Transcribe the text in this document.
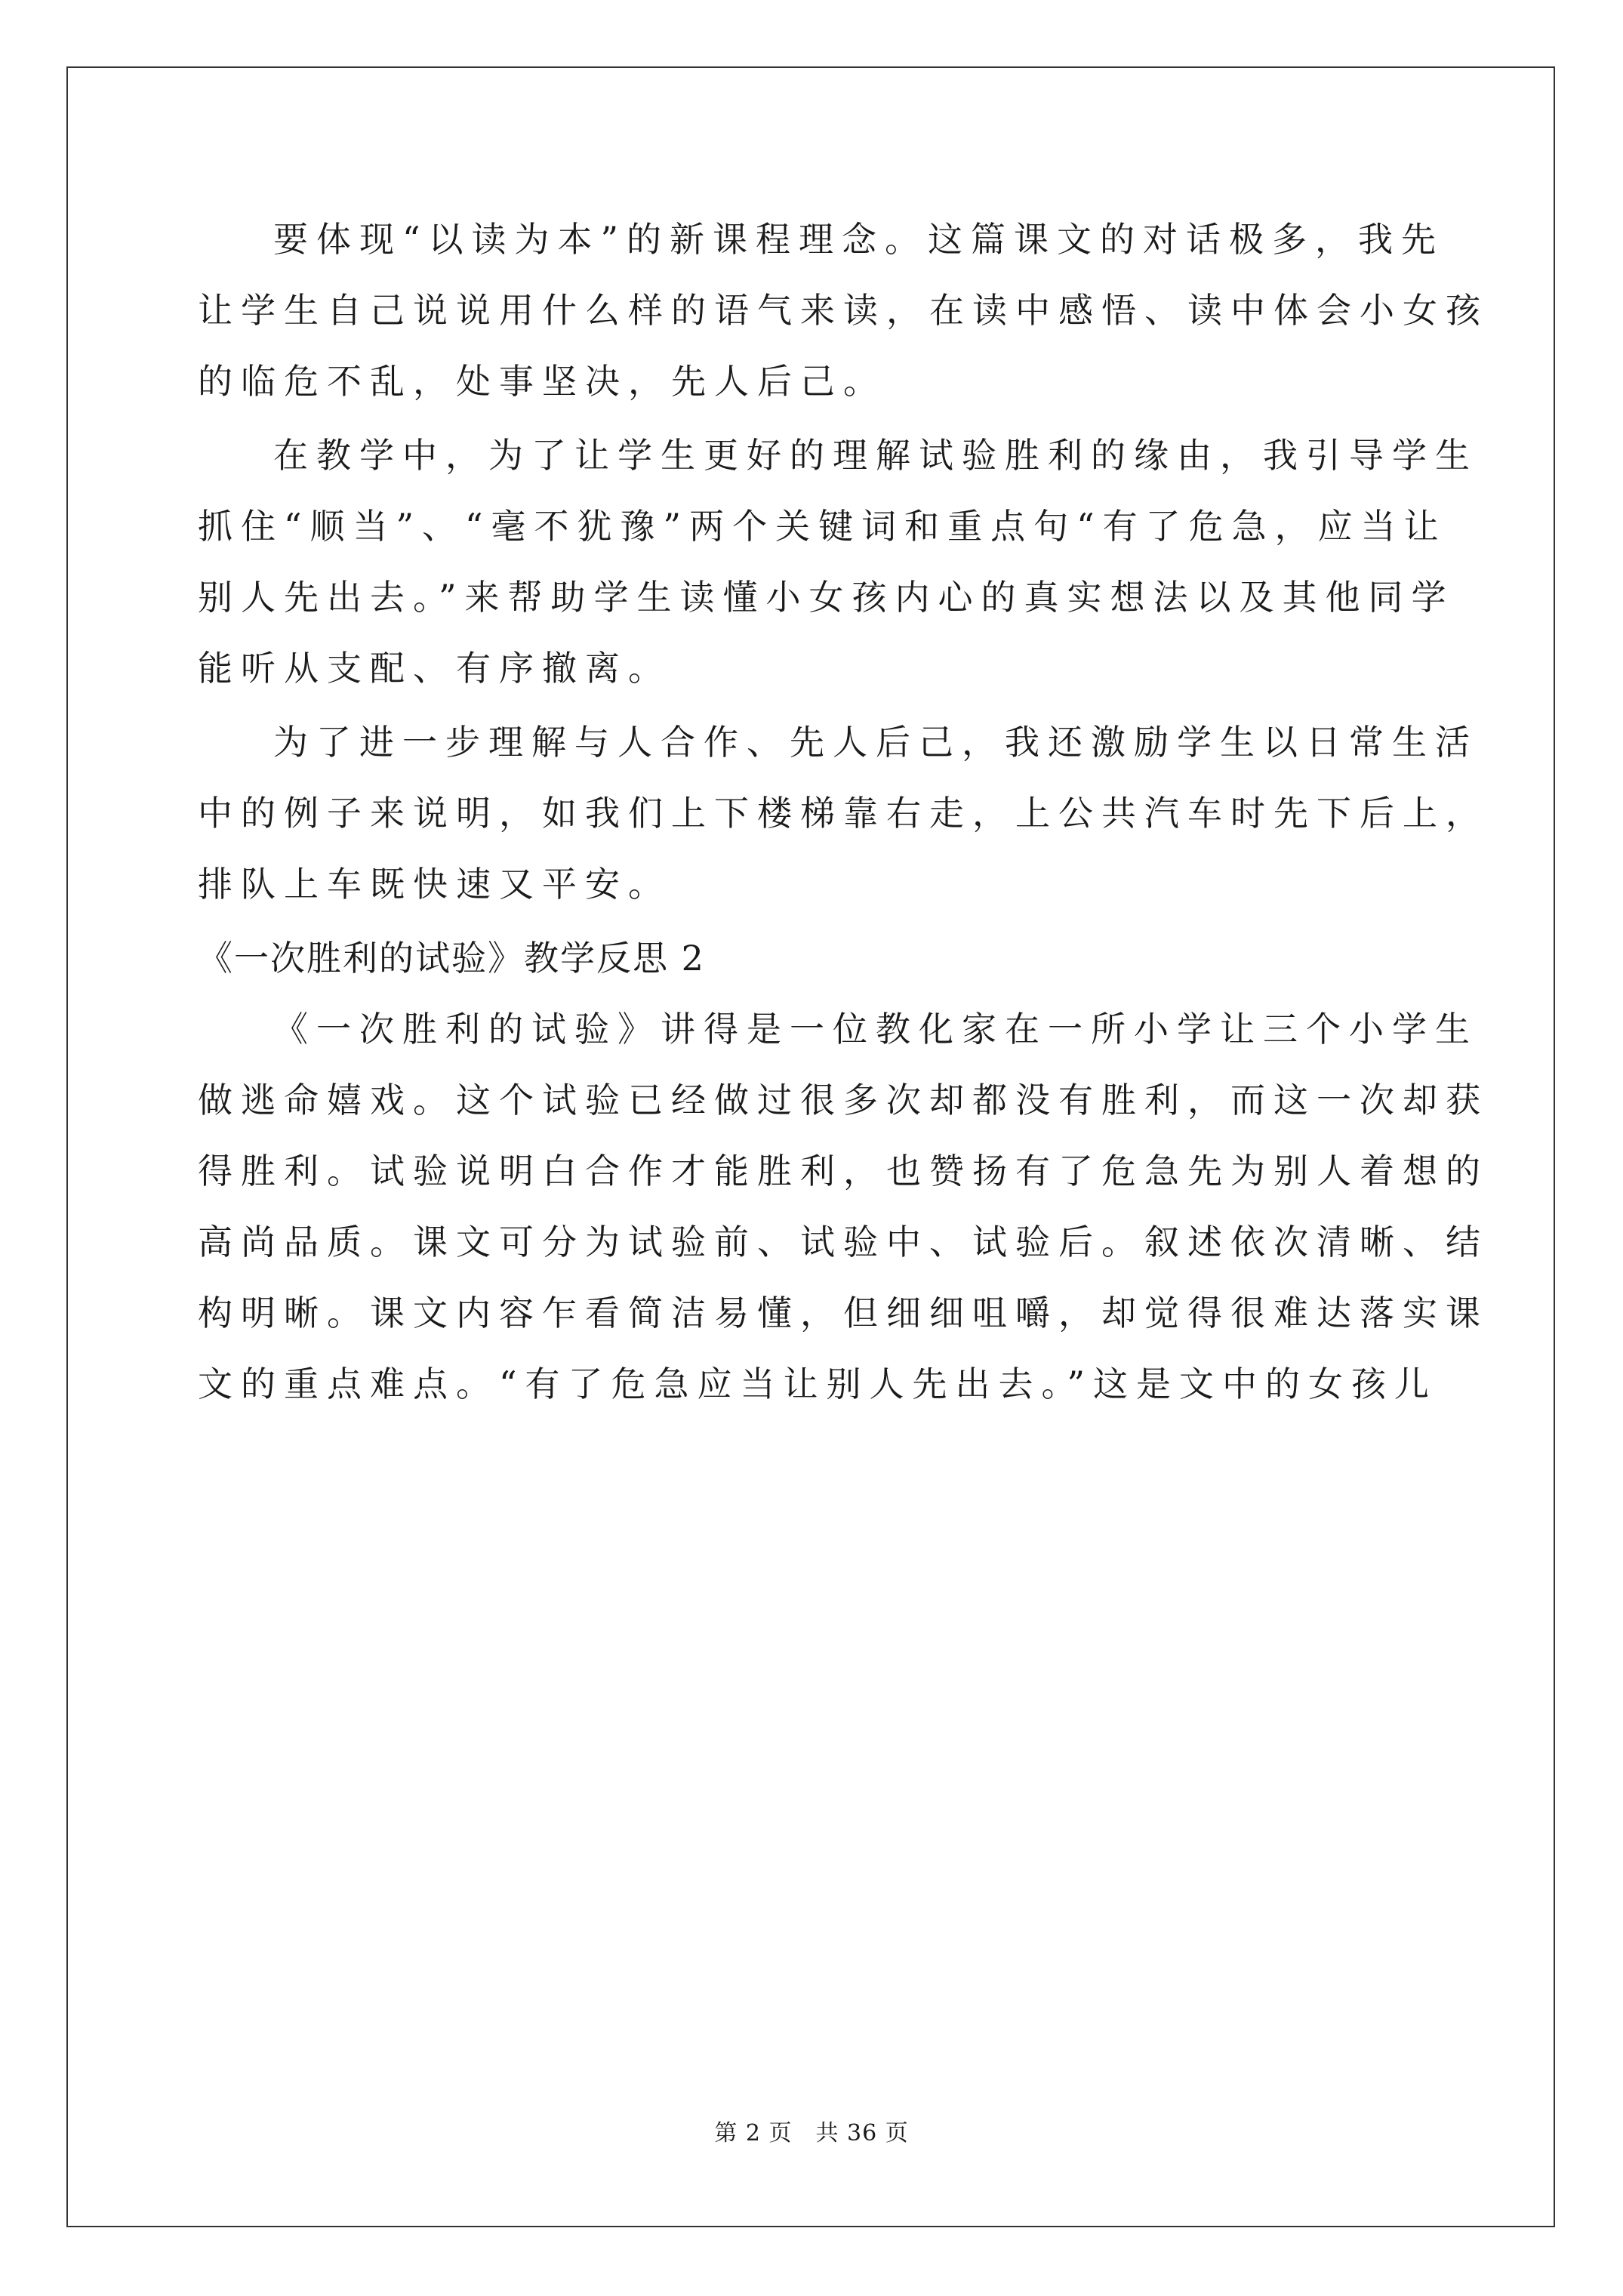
要体现“以读为本”的新课程理念。这篇课文的对话极多，我先
让学生自己说说用什么样的语气来读，在读中感悟、读中体会小女孩
的临危不乱，处事坚决，先人后己。
在教学中，为了让学生更好的理解试验胜利的缘由，我引导学生
抓住“顺当”、“毫不犹豫”两个关键词和重点句“有了危急，应当让
别人先出去。”来帮助学生读懂小女孩内心的真实想法以及其他同学
能听从支配、有序撤离。
为了进一步理解与人合作、先人后己，我还激励学生以日常生活
中的例子来说明，如我们上下楼梯靠右走，上公共汽车时先下后上，
排队上车既快速又平安。
《一次胜利的试验》教学反思 2
《一次胜利的试验》讲得是一位教化家在一所小学让三个小学生
做逃命嬉戏。这个试验已经做过很多次却都没有胜利，而这一次却获
得胜利。试验说明白合作才能胜利，也赞扬有了危急先为别人着想的
高尚品质。课文可分为试验前、试验中、试验后。叙述依次清晰、结
构明晰。课文内容乍看简洁易懂，但细细咀嚼，却觉得很难达落实课
文的重点难点。“有了危急应当让别人先出去。”这是文中的女孩儿
第 2 页　共 36 页
